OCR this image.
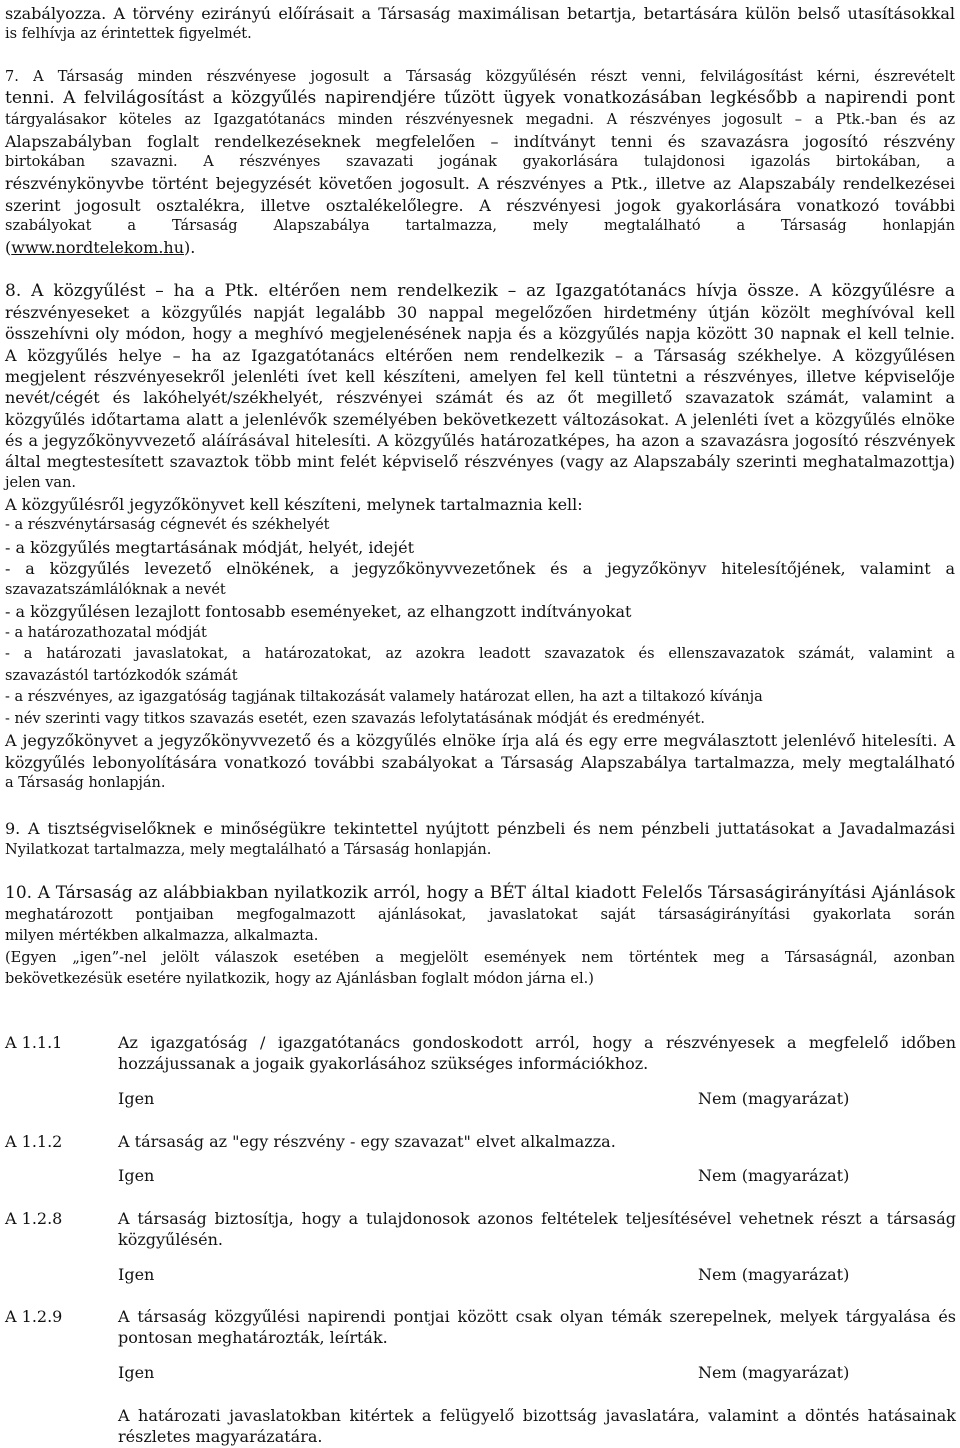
szabályozza. A törvény ezirányú előírásait a Társaság maximálisan betartja, betartására külön belső utasításokkal

is felhívja az érintettek figyelmét.

7. A Társaság minden részvényese jogosult a Társaság közgyűlésén részt venni, felvilágosítást kérni, észrevételt

tenni. A felvilágosítást a közgyűlés napirendjére tűzött ügyek vonatkozásában legkésőbb a napirendi pont

tárgyalásakor köteles az Igazgatótanács minden részvényesnek megadni. A részvényes jogosult – a Ptk.-ban és az

Alapszabályban foglalt rendelkezéseknek megfelelően – indítványt tenni és szavazásra jogosító részvény

birtokában szavazni. A részvényes szavazati jogának gyakorlására tulajdonosi igazolás birtokában, a

részvénykönyvbe történt bejegyzését követően jogosult. A részvényes a Ptk., illetve az Alapszabály rendelkezései

szerint jogosult osztalékra, illetve osztalékelőlegre. A részvényesi jogok gyakorlására vonatkozó további

szabályokat a Társaság Alapszabálya tartalmazza, mely megtalálható a Társaság honlapján

(www.nordtelekom.hu).

8. A közgyűlést – ha a Ptk. eltérően nem rendelkezik – az Igazgatótanács hívja össze. A közgyűlésre a

részvényeseket a közgyűlés napját legalább 30 nappal megelőzően hirdetmény útján közölt meghívóval kell

összehívni oly módon, hogy a meghívó megjelenésének napja és a közgyűlés napja között 30 napnak el kell telnie.

A közgyűlés helye – ha az Igazgatótanács eltérően nem rendelkezik – a Társaság székhelye. A közgyűlésen

megjelent részvényesekről jelenléti ívet kell készíteni, amelyen fel kell tüntetni a részvényes, illetve képviselője

nevét/cégét és lakóhelyét/székhelyét, részvényei számát és az őt megillető szavazatok számát, valamint a

közgyűlés időtartama alatt a jelenlévők személyében bekövetkezett változásokat. A jelenléti ívet a közgyűlés elnöke

és a jegyzőkönyvvezető aláírásával hitelesíti. A közgyűlés határozatképes, ha azon a szavazásra jogosító részvények

által megtestesített szavaztok több mint felét képviselő részvényes (vagy az Alapszabály szerinti meghatalmazottja)

jelen van.

A közgyűlésről jegyzőkönyvet kell készíteni, melynek tartalmaznia kell:

- a részvénytársaság cégnevét és székhelyét

- a közgyűlés megtartásának módját, helyét, idejét

- a közgyűlés levezető elnökének, a jegyzőkönyvvezetőnek és a jegyzőkönyv hitelesítőjének, valamint a

szavazatszámlálóknak a nevét

- a közgyűlésen lezajlott fontosabb eseményeket, az elhangzott indítványokat

- a határozathozatal módját

- a határozati javaslatokat, a határozatokat, az azokra leadott szavazatok és ellenszavazatok számát, valamint a

szavazástól tartózkodók számát

- a részvényes, az igazgatóság tagjának tiltakozását valamely határozat ellen, ha azt a tiltakozó kívánja

- név szerinti vagy titkos szavazás esetét, ezen szavazás lefolytatásának módját és eredményét.

A jegyzőkönyvet a jegyzőkönyvvezető és a közgyűlés elnöke írja alá és egy erre megválasztott jelenlévő hitelesíti. A

közgyűlés lebonyolítására vonatkozó további szabályokat a Társaság Alapszabálya tartalmazza, mely megtalálható

a Társaság honlapján.

9. A tisztségviselőknek e minőségükre tekintettel nyújtott pénzbeli és nem pénzbeli juttatásokat a Javadalmazási

Nyilatkozat tartalmazza, mely megtalálható a Társaság honlapján.

10. A Társaság az alábbiakban nyilatkozik arról, hogy a BÉT által kiadott Felelős Társaságirányítási Ajánlások

meghatározott pontjaiban megfogalmazott ajánlásokat, javaslatokat saját társaságirányítási gyakorlata során

milyen mértékben alkalmazza, alkalmazta.

(Egyen „igen”-nel jelölt válaszok esetében a megjelölt események nem történtek meg a Társaságnál, azonban

bekövetkezésük esetére nyilatkozik, hogy az Ajánlásban foglalt módon járna el.)

A 1.1.1	Az igazgatóság / igazgatótanács gondoskodott arról, hogy a részvényesek a megfelelő időben

hozzájussanak a jogaik gyakorlásához szükséges információkhoz.

Igen	Nem (magyarázat)

A 1.1.2	A társaság az "egy részvény - egy szavazat" elvet alkalmazza.

Igen	Nem (magyarázat)

A 1.2.8	A társaság biztosítja, hogy a tulajdonosok azonos feltételek teljesítésével vehetnek részt a társaság

közgyűlésén.

Igen	Nem (magyarázat)

A 1.2.9	A társaság közgyűlési napirendi pontjai között csak olyan témák szerepelnek, melyek tárgyalása és

pontosan meghatározták, leírták.

Igen	Nem (magyarázat)

A határozati javaslatokban kitértek a felügyelő bizottság javaslatára, valamint a döntés hatásainak

részletes magyarázatára.
